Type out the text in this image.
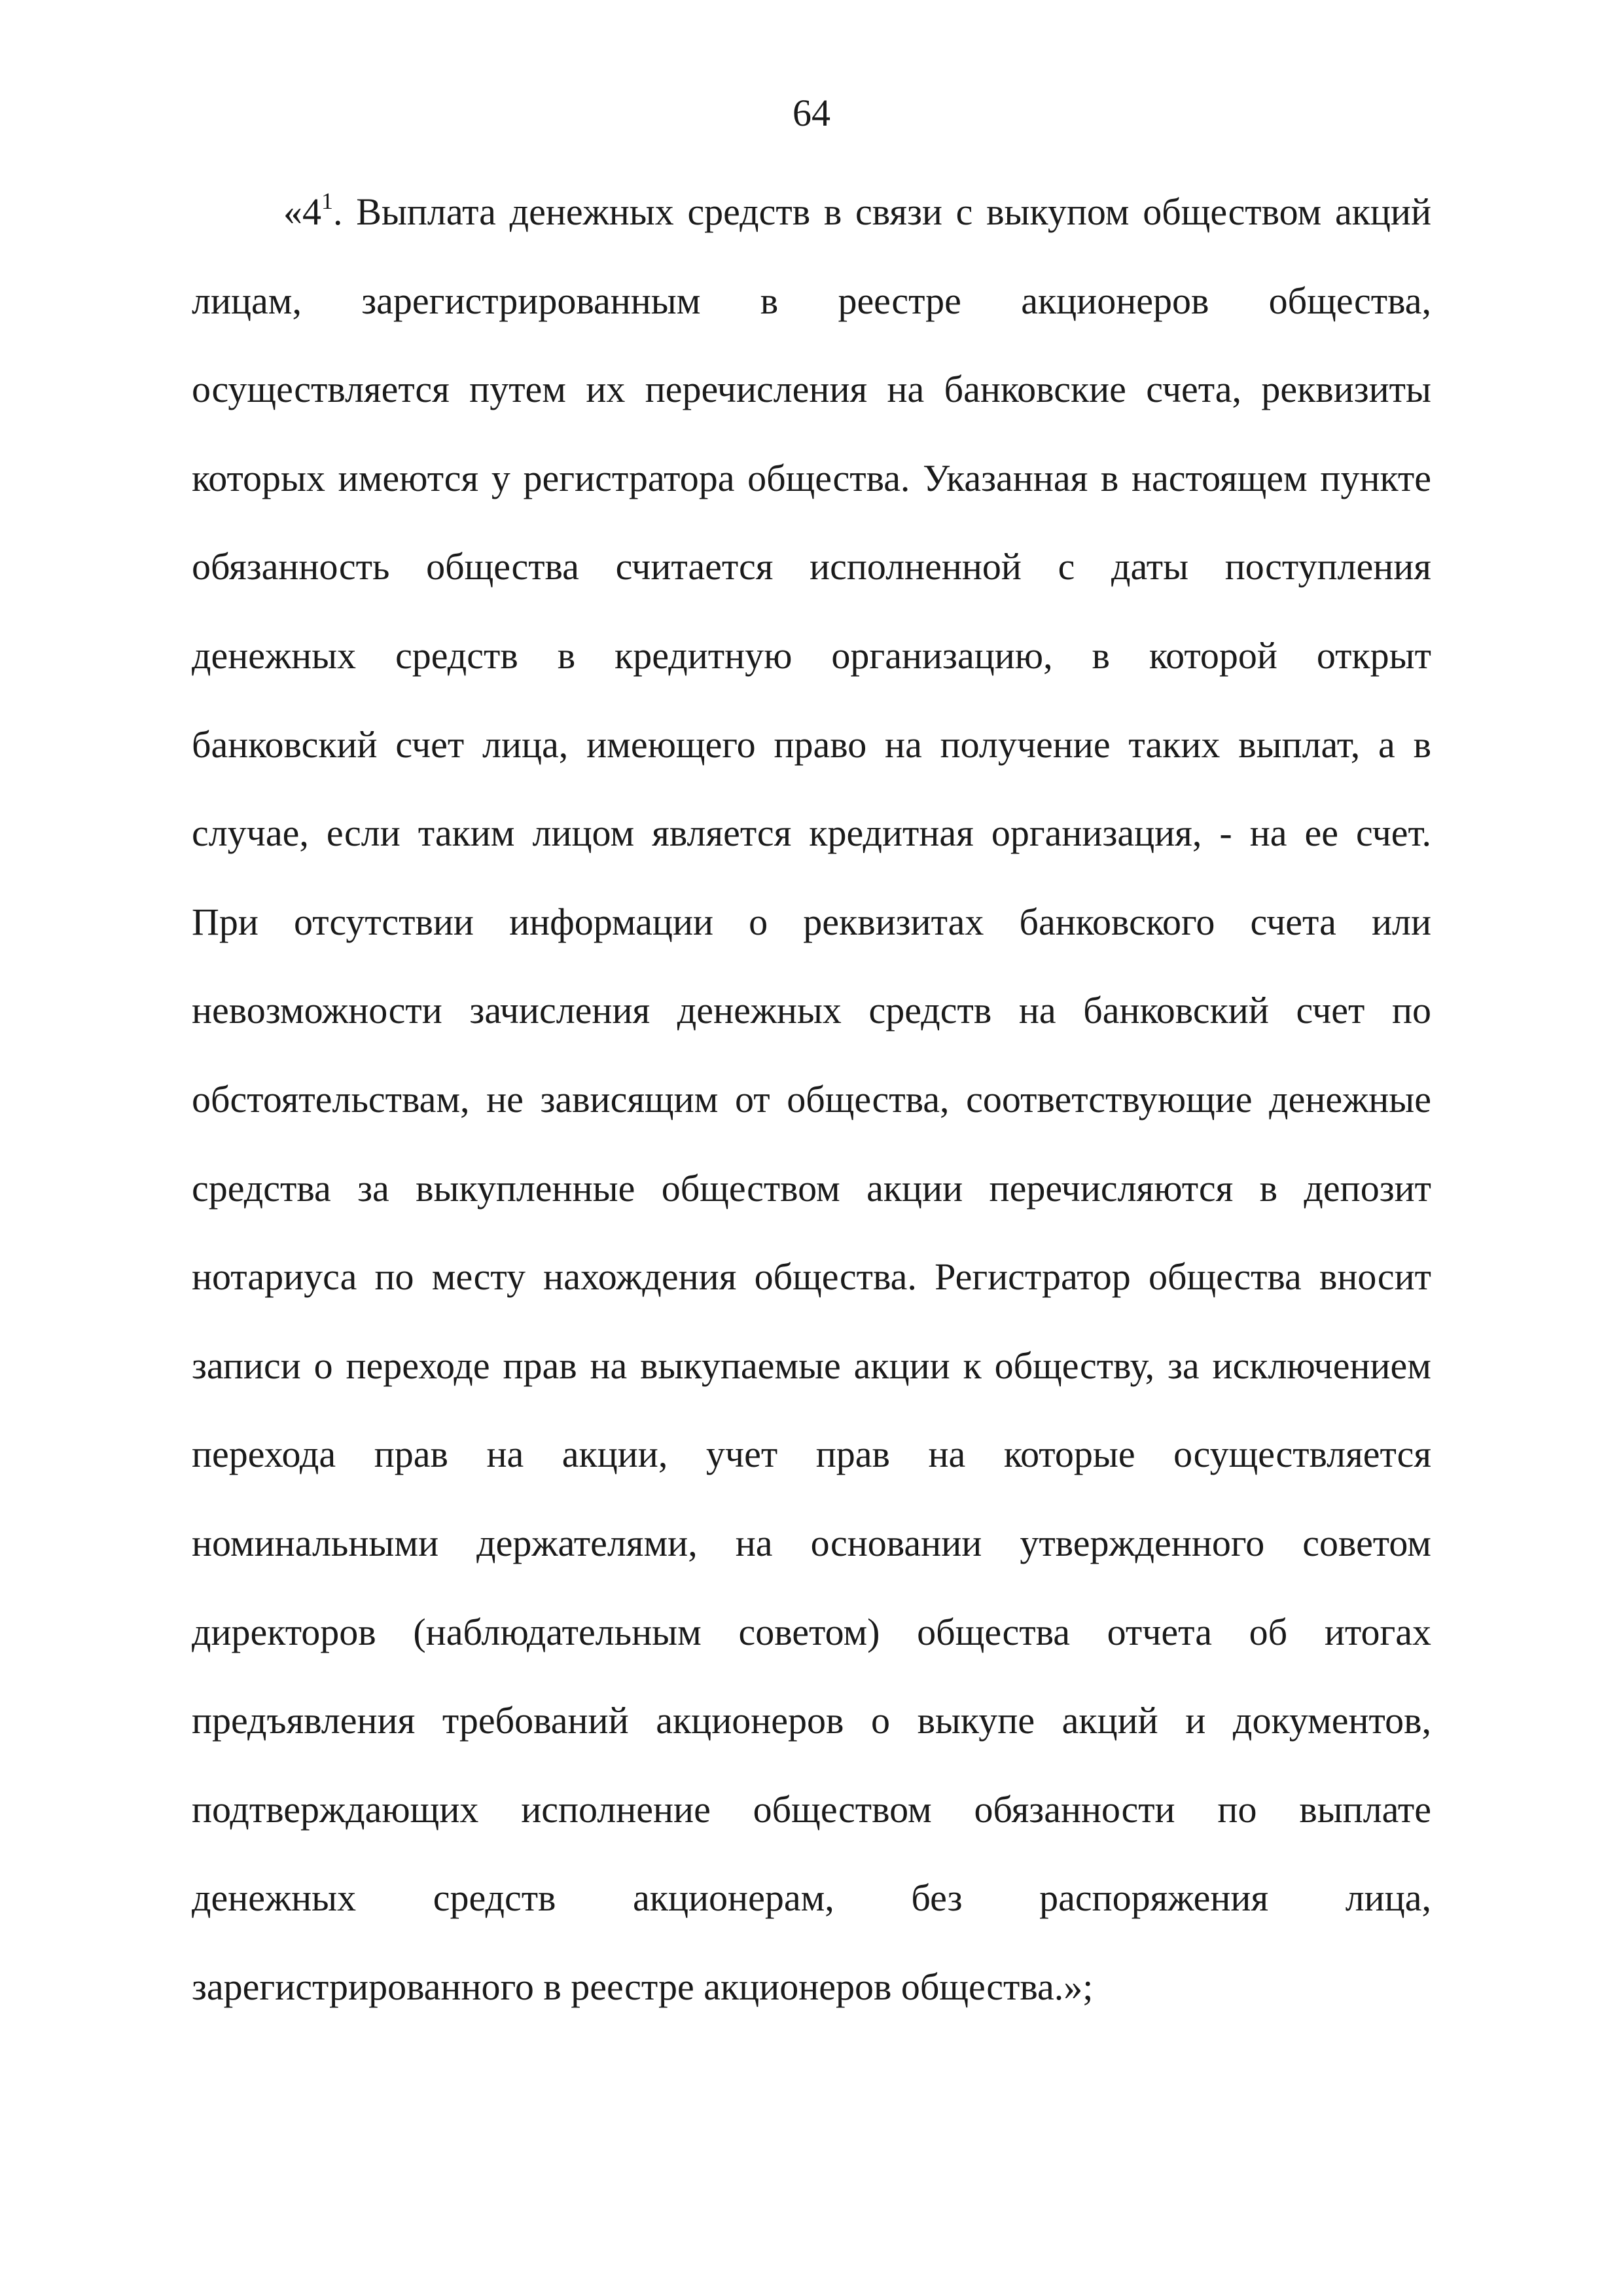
64
«$4^1$. Выплата денежных средств в связи с выкупом обществом акций
лицам, зарегистрированным в реестре акционеров общества,
осуществляется путем их перечисления на банковские счета, реквизиты
которых имеются у регистратора общества. Указанная в настоящем пункте
обязанность общества считается исполненной с даты поступления
денежных средств в кредитную организацию, в которой открыт
банковский счет лица, имеющего право на получение таких выплат, а в
случае, если таким лицом является кредитная организация, - на ее счет.
При отсутствии информации о реквизитах банковского счета или
невозможности зачисления денежных средств на банковский счет по
обстоятельствам, не зависящим от общества, соответствующие денежные
средства за выкупленные обществом акции перечисляются в депозит
нотариуса по месту нахождения общества. Регистратор общества вносит
записи о переходе прав на выкупаемые акции к обществу, за исключением
перехода прав на акции, учет прав на которые осуществляется
номинальными держателями, на основании утвержденного советом
директоров (наблюдательным советом) общества отчета об итогах
предъявления требований акционеров о выкупе акций и документов,
подтверждающих исполнение обществом обязанности по выплате
денежных средств акционерам, без распоряжения лица,
зарегистрированного в реестре акционеров общества.»;
